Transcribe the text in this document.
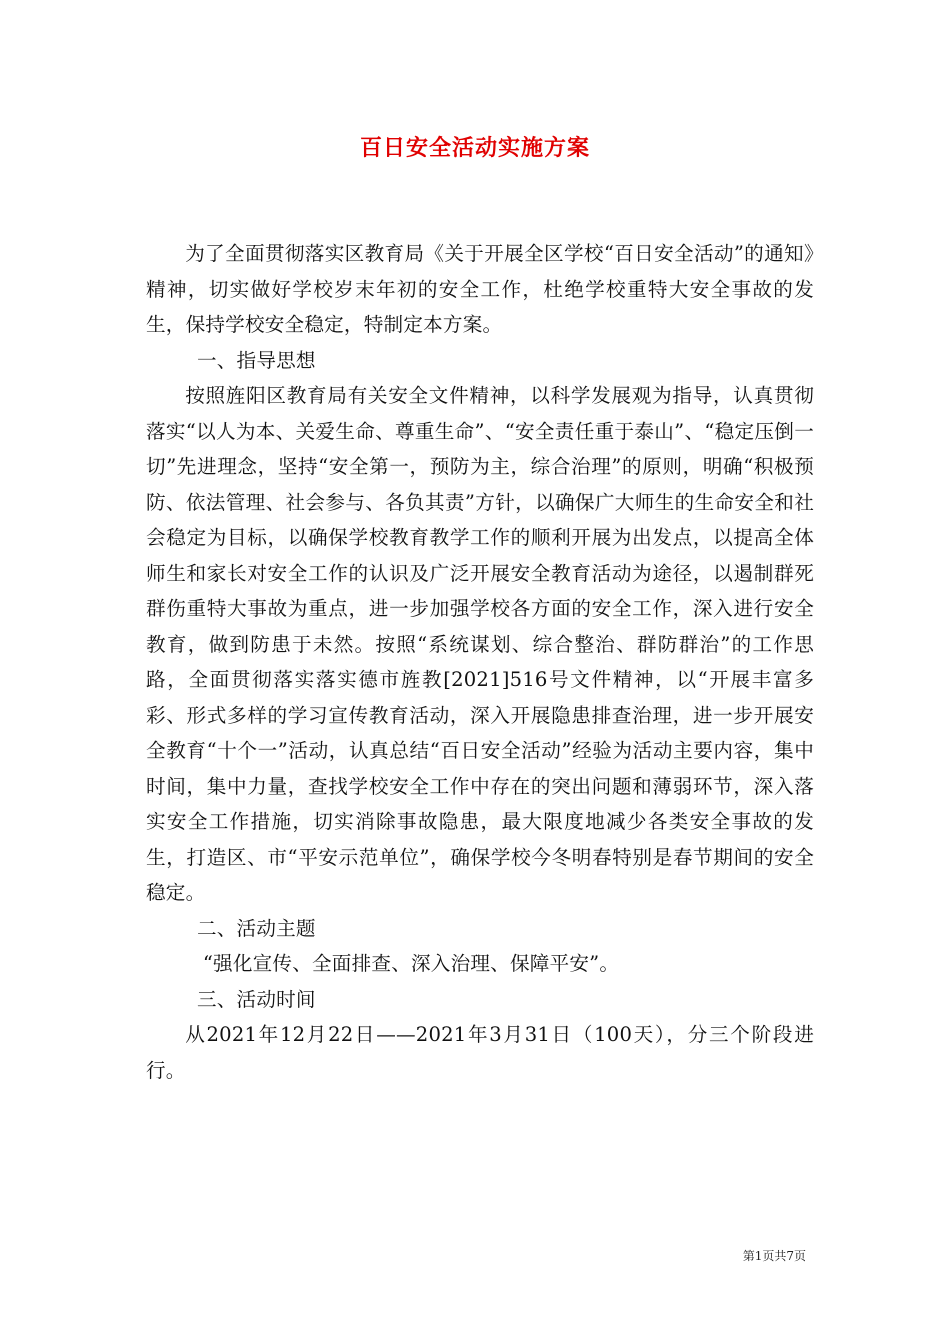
百日安全活动实施方案

为了全面贯彻落实区教育局《关于开展全区学校“百日安全活动”的通知》精神，切实做好学校岁末年初的安全工作，杜绝学校重特大安全事故的发生，保持学校安全稳定，特制定本方案。

一、指导思想

按照旌阳区教育局有关安全文件精神，以科学发展观为指导，认真贯彻落实“以人为本、关爱生命、尊重生命”、“安全责任重于泰山”、“稳定压倒一切”先进理念，坚持“安全第一，预防为主，综合治理”的原则，明确“积极预防、依法管理、社会参与、各负其责”方针，以确保广大师生的生命安全和社会稳定为目标，以确保学校教育教学工作的顺利开展为出发点，以提高全体师生和家长对安全工作的认识及广泛开展安全教育活动为途径，以遏制群死群伤重特大事故为重点，进一步加强学校各方面的安全工作，深入进行安全教育，做到防患于未然。按照“系统谋划、综合整治、群防群治”的工作思路，全面贯彻落实落实德市旌教[2021]516号文件精神，以“开展丰富多彩、形式多样的学习宣传教育活动，深入开展隐患排查治理，进一步开展安全教育“十个一”活动，认真总结“百日安全活动”经验为活动主要内容，集中时间，集中力量，查找学校安全工作中存在的突出问题和薄弱环节，深入落实安全工作措施，切实消除事故隐患，最大限度地减少各类安全事故的发生，打造区、市“平安示范单位”，确保学校今冬明春特别是春节期间的安全稳定。

二、活动主题

“强化宣传、全面排查、深入治理、保障平安”。

三、活动时间

从2021年12月22日——2021年3月31日（100天），分三个阶段进行。

第1页共7页
